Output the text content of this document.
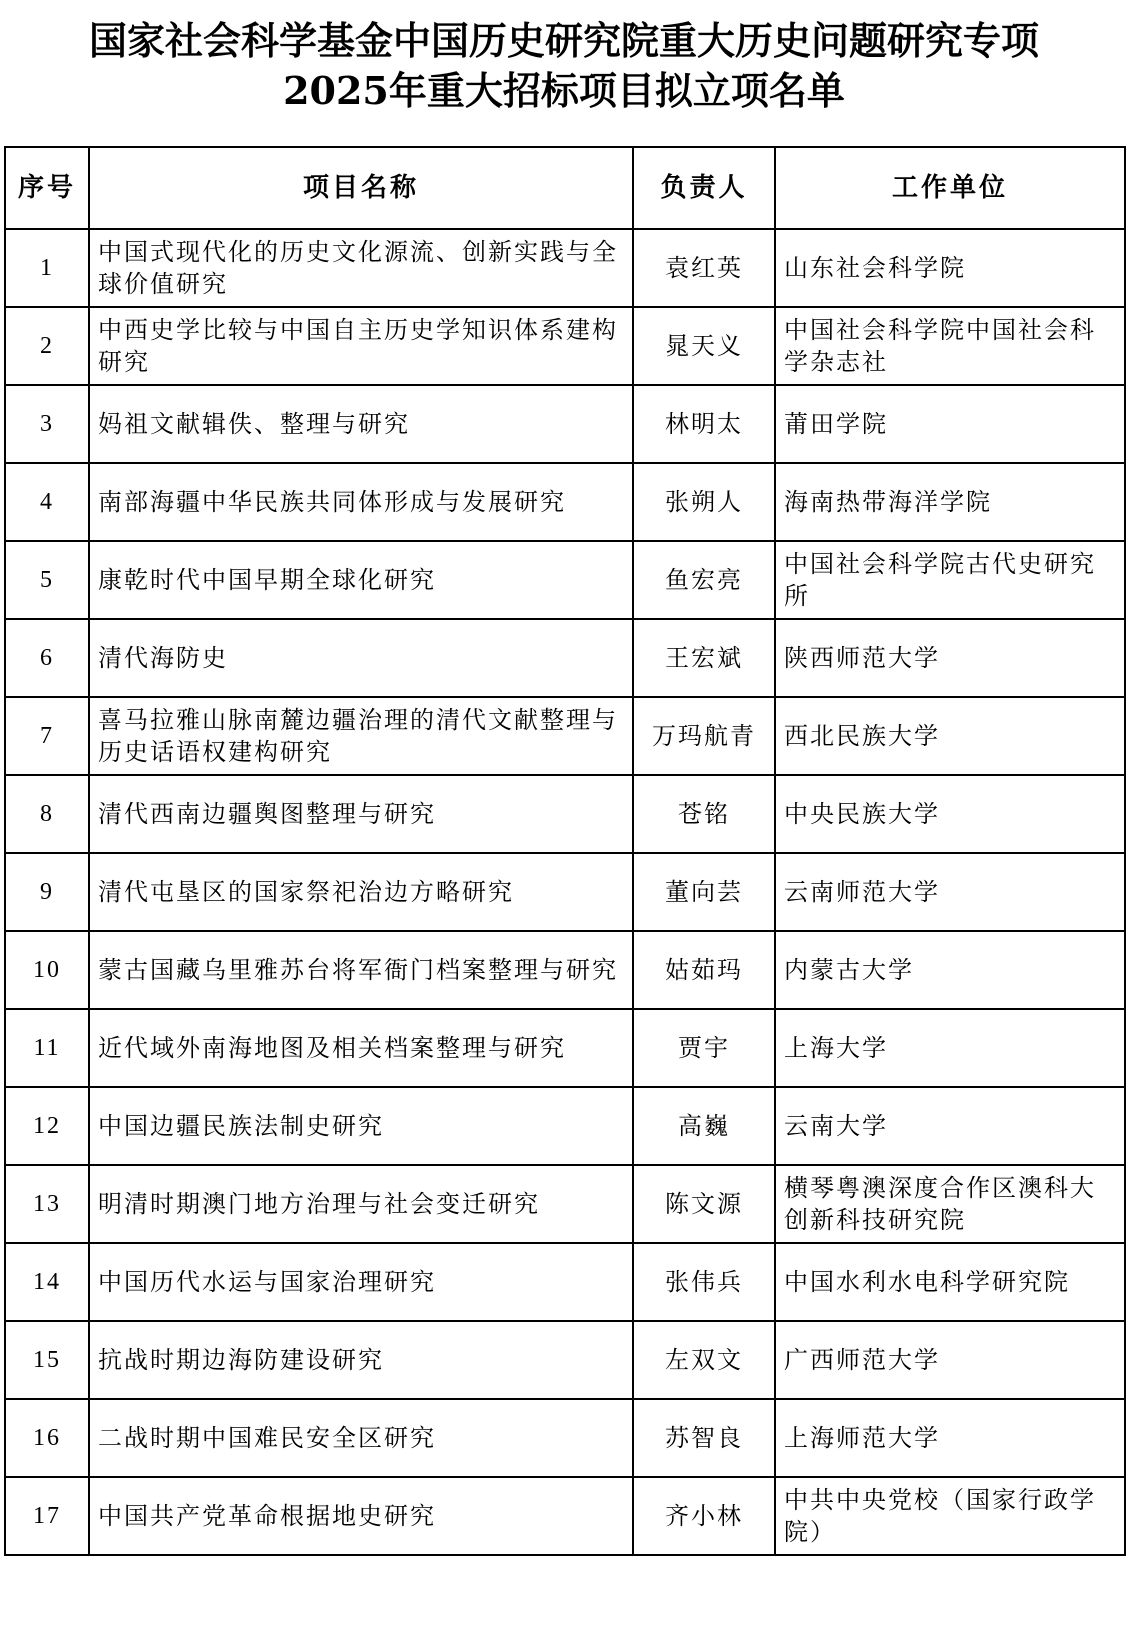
国家社会科学基金中国历史研究院重大历史问题研究专项
2025年重大招标项目拟立项名单
序号	项目名称	负责人	工作单位
1	中国式现代化的历史文化源流、创新实践与全球价值研究	袁红英	山东社会科学院
2	中西史学比较与中国自主历史学知识体系建构研究	晁天义	中国社会科学院中国社会科学杂志社
3	妈祖文献辑佚、整理与研究	林明太	莆田学院
4	南部海疆中华民族共同体形成与发展研究	张朔人	海南热带海洋学院
5	康乾时代中国早期全球化研究	鱼宏亮	中国社会科学院古代史研究所
6	清代海防史	王宏斌	陕西师范大学
7	喜马拉雅山脉南麓边疆治理的清代文献整理与历史话语权建构研究	万玛航青	西北民族大学
8	清代西南边疆舆图整理与研究	苍铭	中央民族大学
9	清代屯垦区的国家祭祀治边方略研究	董向芸	云南师范大学
10	蒙古国藏乌里雅苏台将军衙门档案整理与研究	姑茹玛	内蒙古大学
11	近代域外南海地图及相关档案整理与研究	贾宇	上海大学
12	中国边疆民族法制史研究	高巍	云南大学
13	明清时期澳门地方治理与社会变迁研究	陈文源	横琴粤澳深度合作区澳科大创新科技研究院
14	中国历代水运与国家治理研究	张伟兵	中国水利水电科学研究院
15	抗战时期边海防建设研究	左双文	广西师范大学
16	二战时期中国难民安全区研究	苏智良	上海师范大学
17	中国共产党革命根据地史研究	齐小林	中共中央党校（国家行政学院）
